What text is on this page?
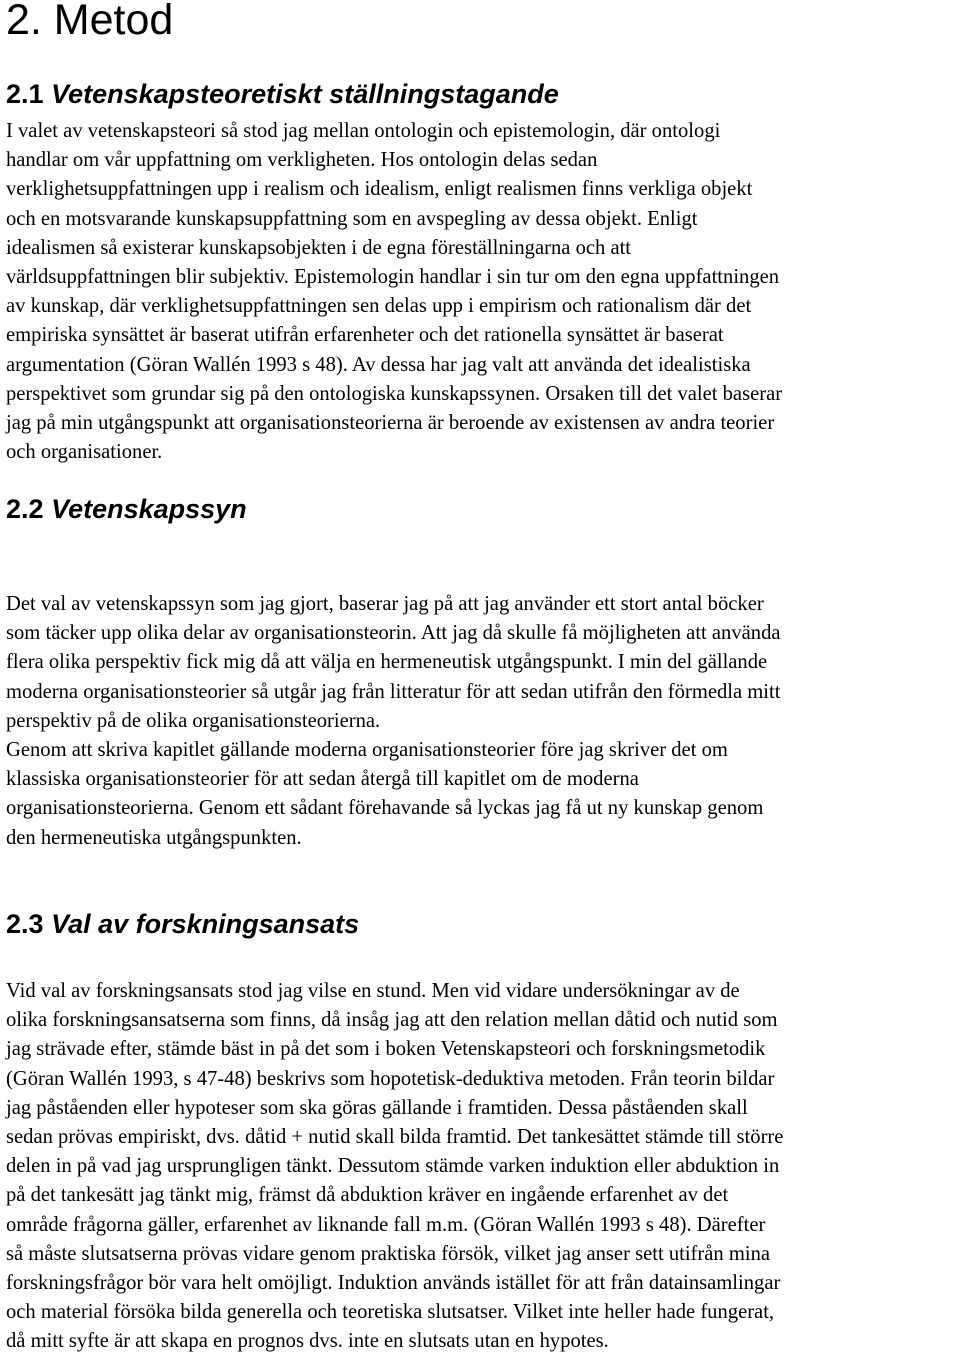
2. Metod
2.1 Vetenskapsteoretiskt ställningstagande
I valet av vetenskapsteori så stod jag mellan ontologin och epistemologin, där ontologi
handlar om vår uppfattning om verkligheten. Hos ontologin delas sedan
verklighetsuppfattningen upp i realism och idealism, enligt realismen finns verkliga objekt
och en motsvarande kunskapsuppfattning som en avspegling av dessa objekt. Enligt
idealismen så existerar kunskapsobjekten i de egna föreställningarna och att
världsuppfattningen blir subjektiv. Epistemologin handlar i sin tur om den egna uppfattningen
av kunskap, där verklighetsuppfattningen sen delas upp i empirism och rationalism där det
empiriska synsättet är baserat utifrån erfarenheter och det rationella synsättet är baserat
argumentation (Göran Wallén 1993 s 48). Av dessa har jag valt att använda det idealistiska
perspektivet som grundar sig på den ontologiska kunskapssynen. Orsaken till det valet baserar
jag på min utgångspunkt att organisationsteorierna är beroende av existensen av andra teorier
och organisationer.
2.2 Vetenskapssyn
Det val av vetenskapssyn som jag gjort, baserar jag på att jag använder ett stort antal böcker
som täcker upp olika delar av organisationsteorin. Att jag då skulle få möjligheten att använda
flera olika perspektiv fick mig då att välja en hermeneutisk utgångspunkt. I min del gällande
moderna organisationsteorier så utgår jag från litteratur för att sedan utifrån den förmedla mitt
perspektiv på de olika organisationsteorierna.
Genom att skriva kapitlet gällande moderna organisationsteorier före jag skriver det om
klassiska organisationsteorier för att sedan återgå till kapitlet om de moderna
organisationsteorierna. Genom ett sådant förehavande så lyckas jag få ut ny kunskap genom
den hermeneutiska utgångspunkten.
2.3 Val av forskningsansats
Vid val av forskningsansats stod jag vilse en stund. Men vid vidare undersökningar av de
olika forskningsansatserna som finns, då insåg jag att den relation mellan dåtid och nutid som
jag strävade efter, stämde bäst in på det som i boken Vetenskapsteori och forskningsmetodik
(Göran Wallén 1993, s 47-48) beskrivs som hopotetisk-deduktiva metoden. Från teorin bildar
jag påståenden eller hypoteser som ska göras gällande i framtiden. Dessa påståenden skall
sedan prövas empiriskt, dvs. dåtid + nutid skall bilda framtid. Det tankesättet stämde till större
delen in på vad jag ursprungligen tänkt. Dessutom stämde varken induktion eller abduktion in
på det tankesätt jag tänkt mig, främst då abduktion kräver en ingående erfarenhet av det
område frågorna gäller, erfarenhet av liknande fall m.m. (Göran Wallén 1993 s 48). Därefter
så måste slutsatserna prövas vidare genom praktiska försök, vilket jag anser sett utifrån mina
forskningsfrågor bör vara helt omöjligt. Induktion används istället för att från datainsamlingar
och material försöka bilda generella och teoretiska slutsatser. Vilket inte heller hade fungerat,
då mitt syfte är att skapa en prognos dvs. inte en slutsats utan en hypotes.
